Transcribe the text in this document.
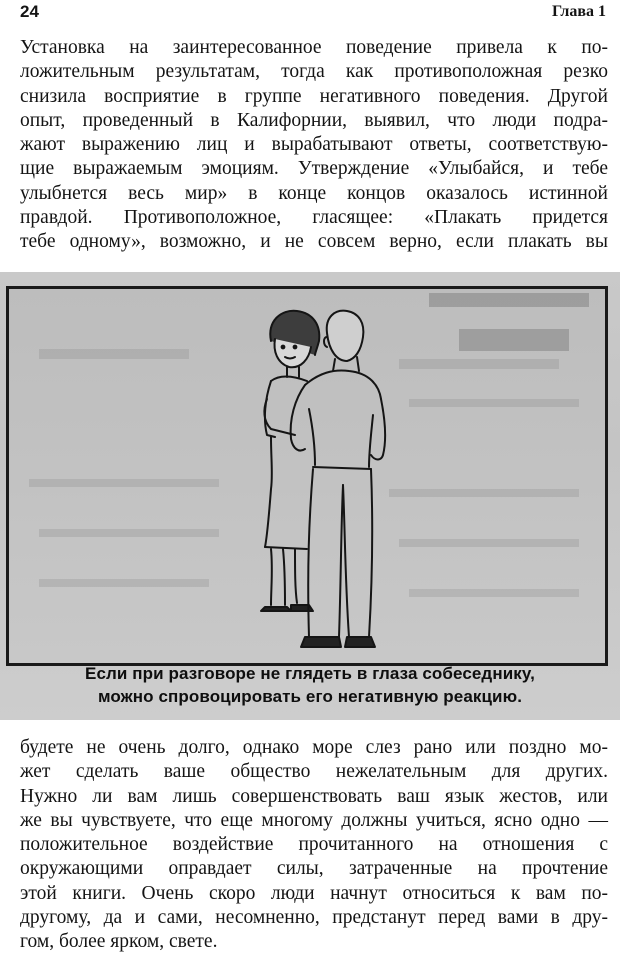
24	Глава 1

Установка на заинтересованное поведение привела к по-
ложительным результатам, тогда как противоположная резко
снизила восприятие в группе негативного поведения. Другой
опыт, проведенный в Калифорнии, выявил, что люди подра-
жают выражению лиц и вырабатывают ответы, соответствую-
щие выражаемым эмоциям. Утверждение «Улыбайся, и тебе
улыбнется весь мир» в конце концов оказалось истинной
правдой. Противоположное, гласящее: «Плакать придется
тебе одному», возможно, и не совсем верно, если плакать вы

Если при разговоре не глядеть в глаза собеседнику,
можно спровоцировать его негативную реакцию.

будете не очень долго, однако море слез рано или поздно мо-
жет сделать ваше общество нежелательным для других.
Нужно ли вам лишь совершенствовать ваш язык жестов, или
же вы чувствуете, что еще многому должны учиться, ясно одно —
положительное воздействие прочитанного на отношения с
окружающими оправдает силы, затраченные на прочтение
этой книги. Очень скоро люди начнут относиться к вам по-
другому, да и сами, несомненно, предстанут перед вами в дру-
гом, более ярком, свете.
